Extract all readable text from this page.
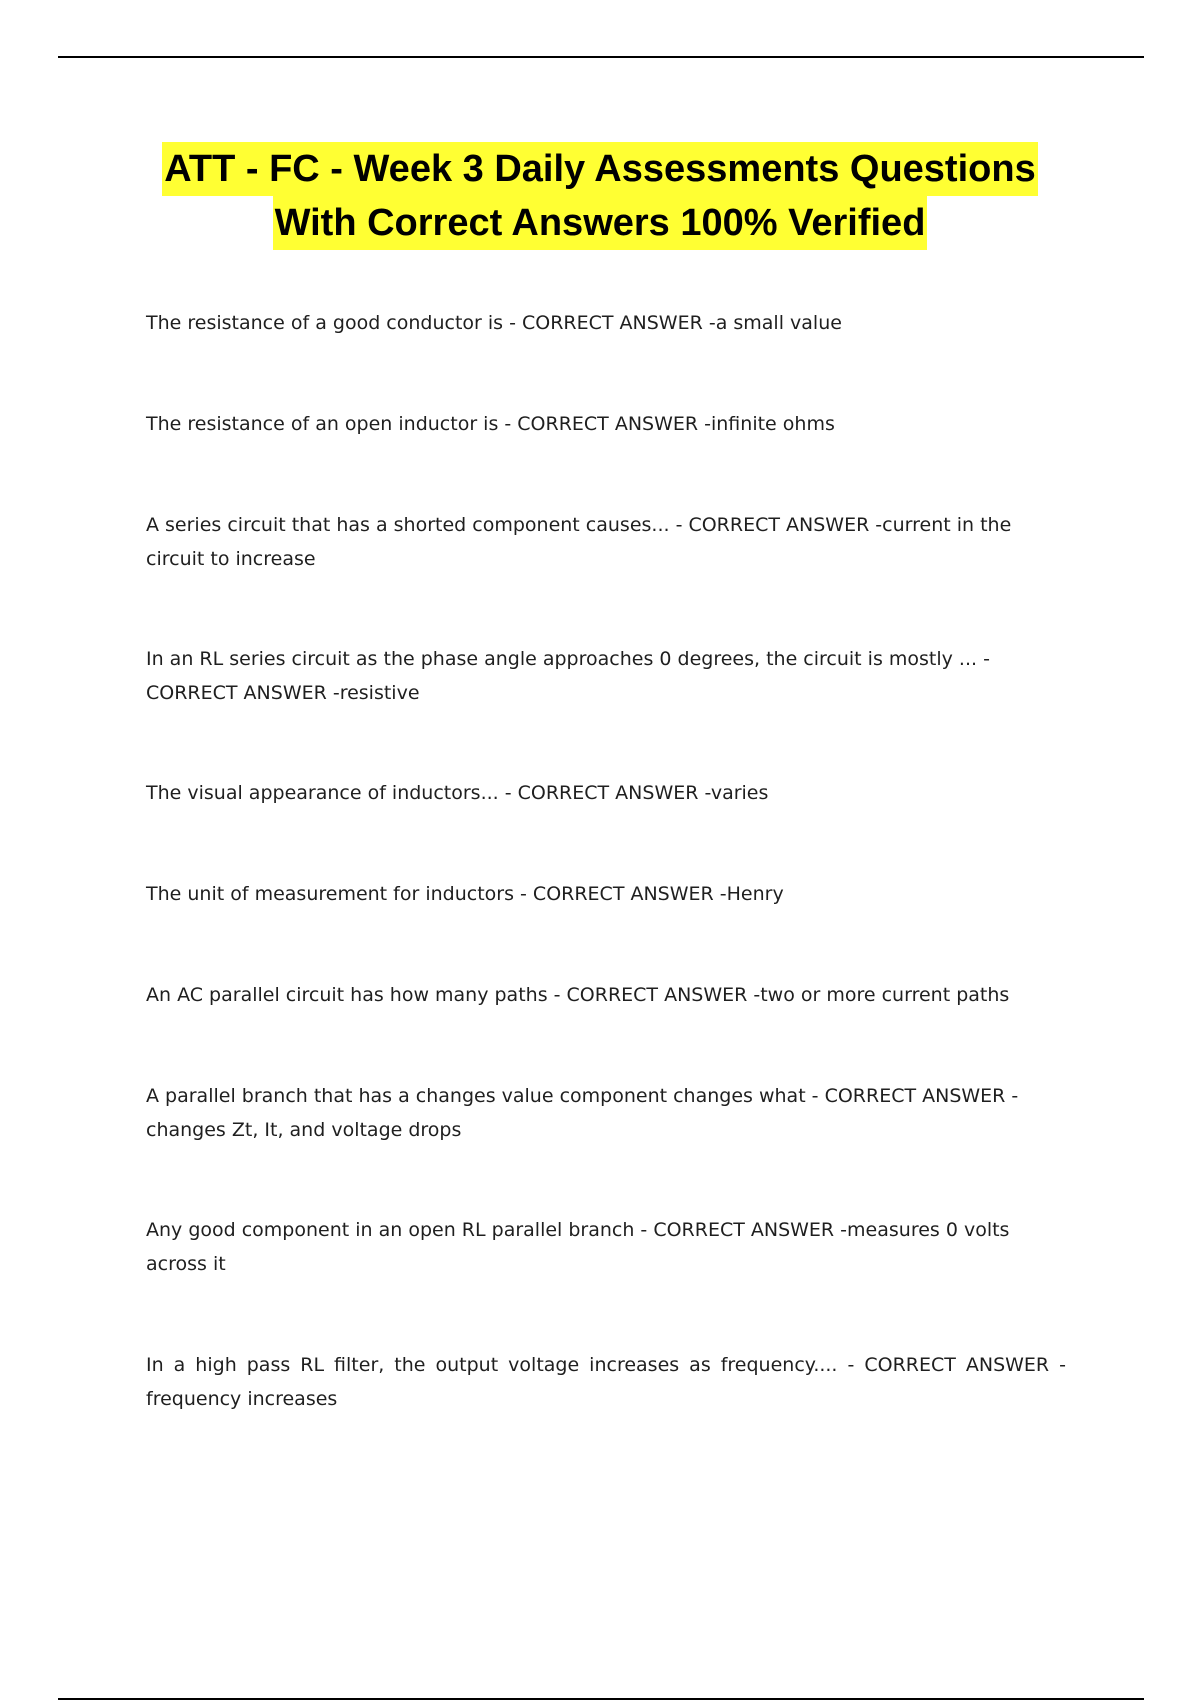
ATT - FC - Week 3 Daily Assessments Questions
With Correct Answers 100% Verified
The resistance of a good conductor is - CORRECT ANSWER -a small value
The resistance of an open inductor is - CORRECT ANSWER -infinite ohms
A series circuit that has a shorted component causes... - CORRECT ANSWER -current in the circuit to increase
In an RL series circuit as the phase angle approaches 0 degrees, the circuit is mostly ... - CORRECT ANSWER -resistive
The visual appearance of inductors... - CORRECT ANSWER -varies
The unit of measurement for inductors - CORRECT ANSWER -Henry
An AC parallel circuit has how many paths - CORRECT ANSWER -two or more current paths
A parallel branch that has a changes value component changes what - CORRECT ANSWER - changes Zt, It, and voltage drops
Any good component in an open RL parallel branch - CORRECT ANSWER -measures 0 volts across it
In a high pass RL filter, the output voltage increases as frequency.... - CORRECT ANSWER - frequency increases
